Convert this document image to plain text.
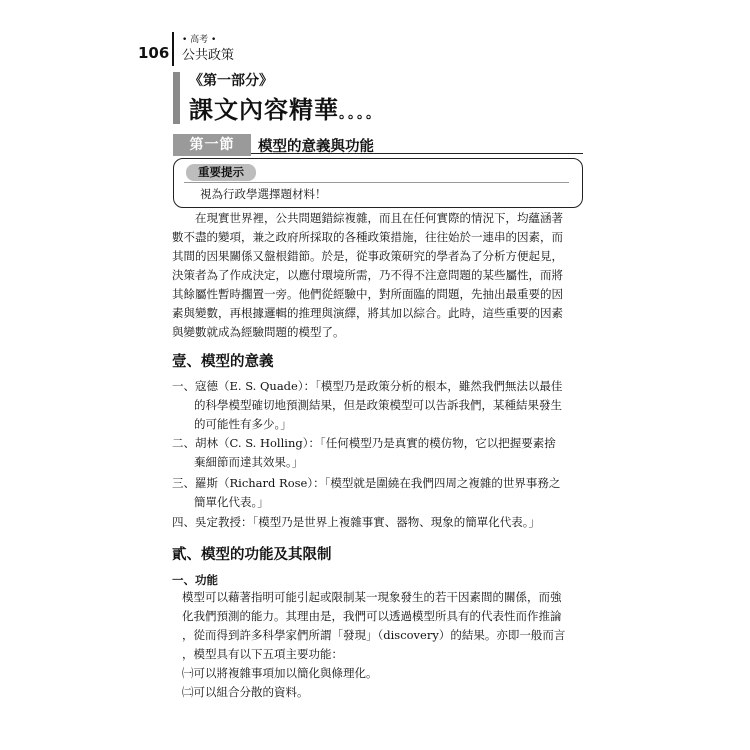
106
• 高考 •
公共政策
《第一部分》
課文內容精華。。。。
第一節	模型的意義與功能
重要提示
視為行政學選擇題材料！
　　在現實世界裡，公共問題錯綜複雜，而且在任何實際的情況下，均蘊涵著
數不盡的變項，兼之政府所採取的各種政策措施，往往始於一連串的因素，而
其間的因果關係又盤根錯節。於是，從事政策研究的學者為了分析方便起見，
決策者為了作成決定，以應付環境所需，乃不得不注意問題的某些屬性，而將
其餘屬性暫時擱置一旁。他們從經驗中，對所面臨的問題，先抽出最重要的因
素與變數，再根據邏輯的推理與演繹，將其加以綜合。此時，這些重要的因素
與變數就成為經驗問題的模型了。
壹、模型的意義
一、寇德（E. S. Quade）：「模型乃是政策分析的根本，雖然我們無法以最佳
的科學模型確切地預測結果，但是政策模型可以告訴我們，某種結果發生
的可能性有多少。」
二、胡林（C. S. Holling）：「任何模型乃是真實的模仿物，它以把握要素捨
棄細節而達其效果。」
三、羅斯（Richard Rose）：「模型就是圍繞在我們四周之複雜的世界事務之
簡單化代表。」
四、吳定教授：「模型乃是世界上複雜事實、器物、現象的簡單化代表。」
貳、模型的功能及其限制
一、功能
模型可以藉著指明可能引起或限制某一現象發生的若干因素間的關係，而強
化我們預測的能力。其理由是，我們可以透過模型所具有的代表性而作推論
，從而得到許多科學家們所謂「發現」（discovery）的結果。亦即一般而言
，模型具有以下五項主要功能：
㈠可以將複雜事項加以簡化與條理化。
㈡可以組合分散的資料。
